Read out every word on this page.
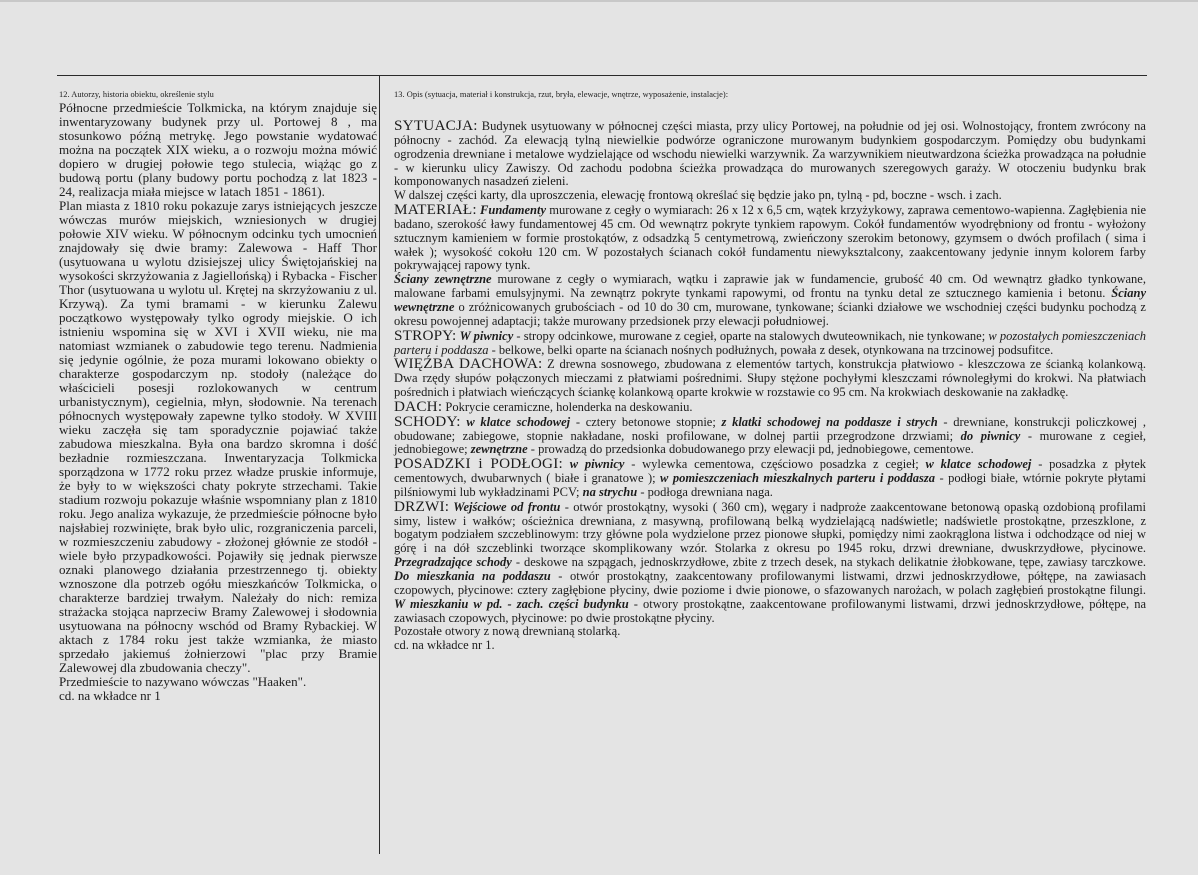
12. Autorzy, historia obiektu, określenie stylu

Północne przedmieście Tolkmicka, na którym znajduje się inwentaryzowany budynek przy ul. Portowej 8 , ma stosunkowo późną metrykę. Jego powstanie wydatować można na początek XIX wieku, a o rozwoju można mówić dopiero w drugiej połowie tego stulecia, wiążąc go z budową portu (plany budowy portu pochodzą z lat 1823 - 24, realizacja miała miejsce w latach 1851 - 1861).

Plan miasta z 1810 roku pokazuje zarys istniejących jeszcze wówczas murów miejskich, wzniesionych w drugiej połowie XIV wieku. W północnym odcinku tych umocnień znajdowały się dwie bramy: Zalewowa - Haff Thor (usytuowana u wylotu dzisiejszej ulicy Świętojańskiej na wysokości skrzyżowania z Jagiellońską) i Rybacka - Fischer Thor (usytuowana u wylotu ul. Krętej na skrzyżowaniu z ul. Krzywą). Za tymi bramami - w kierunku Zalewu początkowo występowały tylko ogrody miejskie. O ich istnieniu wspomina się w XVI i XVII wieku, nie ma natomiast wzmianek o zabudowie tego terenu. Nadmienia się jedynie ogólnie, że poza murami lokowano obiekty o charakterze gospodarczym np. stodoły (należące do właścicieli posesji rozlokowanych w centrum urbanistycznym), cegielnia, młyn, słodownie. Na terenach północnych występowały zapewne tylko stodoły. W XVIII wieku zaczęła się tam sporadycznie pojawiać także zabudowa mieszkalna. Była ona bardzo skromna i dość bezładnie rozmieszczana. Inwentaryzacja Tolkmicka sporządzona w 1772 roku przez władze pruskie informuje, że były to w większości chaty pokryte strzechami. Takie stadium rozwoju pokazuje właśnie wspomniany plan z 1810 roku. Jego analiza wykazuje, że przedmieście północne było najsłabiej rozwinięte, brak było ulic, rozgraniczenia parceli, w rozmieszczeniu zabudowy - złożonej głównie ze stodół - wiele było przypadkowości. Pojawiły się jednak pierwsze oznaki planowego działania przestrzennego tj. obiekty wznoszone dla potrzeb ogółu mieszkańców Tolkmicka, o charakterze bardziej trwałym. Należały do nich: remiza strażacka stojąca naprzeciw Bramy Zalewowej i słodownia usytuowana na północny wschód od Bramy Rybackiej. W aktach z 1784 roku jest także wzmianka, że miasto sprzedało jakiemuś żołnierzowi "plac przy Bramie Zalewowej dla zbudowania checzy".

Przedmieście to nazywano wówczas "Haaken".

cd. na wkładce nr 1

13. Opis (sytuacja, materiał i konstrukcja, rzut, bryła, elewacje, wnętrze, wyposażenie, instalacje):

SYTUACJA: Budynek usytuowany w północnej części miasta, przy ulicy Portowej, na południe od jej osi. Wolnostojący, frontem zwrócony na północny - zachód. Za elewacją tylną niewielkie podwórze ograniczone murowanym budynkiem gospodarczym. Pomiędzy obu budynkami ogrodzenia drewniane i metalowe wydzielające od wschodu niewielki warzywnik. Za warzywnikiem nieutwardzona ścieżka prowadząca na południe - w kierunku ulicy Zawiszy. Od zachodu podobna ścieżka prowadząca do murowanych szeregowych garaży. W otoczeniu budynku brak komponowanych nasadzeń zieleni.

W dalszej części karty, dla uproszczenia, elewację frontową określać się będzie jako pn, tylną - pd, boczne - wsch. i zach.

MATERIAŁ: Fundamenty murowane z cegły o wymiarach: 26 x 12 x 6,5 cm, wątek krzyżykowy, zaprawa cementowo-wapienna. Zagłębienia nie badano, szerokość ławy fundamentowej 45 cm. Od wewnątrz pokryte tynkiem rapowym. Cokół fundamentów wyodrębniony od frontu - wyłożony sztucznym kamieniem w formie prostokątów, z odsadzką 5 centymetrową, zwieńczony szerokim betonowy, gzymsem o dwóch profilach ( sima i wałek ); wysokość cokołu 120 cm. W pozostałych ścianach cokół fundamentu niewyksztalcony, zaakcentowany jedynie innym kolorem farby pokrywającej rapowy tynk.
Ściany zewnętrzne murowane z cegły o wymiarach, wątku i zaprawie jak w fundamencie, grubość 40 cm. Od wewnątrz gładko tynkowane, malowane farbami emulsyjnymi. Na zewnątrz pokryte tynkami rapowymi, od frontu na tynku detal ze sztucznego kamienia i betonu. Ściany wewnętrzne o zróżnicowanych grubościach - od 10 do 30 cm, murowane, tynkowane; ścianki działowe we wschodniej części budynku pochodzą z okresu powojennej adaptacji; także murowany przedsionek przy elewacji południowej.

STROPY: W piwnicy - stropy odcinkowe, murowane z cegieł, oparte na stalowych dwuteownikach, nie tynkowane; w pozostałych pomieszczeniach parteru i poddasza - belkowe, belki oparte na ścianach nośnych podłużnych, powała z desek, otynkowana na trzcinowej podsufitce.

WIĘŹBA DACHOWA: Z drewna sosnowego, zbudowana z elementów tartych, konstrukcja płatwiowo - kleszczowa ze ścianką kolankową. Dwa rzędy słupów połączonych mieczami z płatwiami pośrednimi. Słupy stężone pochyłymi kleszczami równoległymi do krokwi. Na płatwiach pośrednich i płatwiach wieńczących ściankę kolankową oparte krokwie w rozstawie co 95 cm. Na krokwiach deskowanie na zakładkę.

DACH: Pokrycie ceramiczne, holenderka na deskowaniu.

SCHODY: w klatce schodowej - cztery betonowe stopnie; z klatki schodowej na poddasze i strych - drewniane, konstrukcji policzkowej , obudowane; zabiegowe, stopnie nakładane, noski profilowane, w dolnej partii przegrodzone drzwiami; do piwnicy - murowane z cegieł, jednobiegowe; zewnętrzne - prowadzą do przedsionka dobudowanego przy elewacji pd, jednobiegowe, cementowe.

POSADZKI i PODŁOGI: w piwnicy - wylewka cementowa, częściowo posadzka z cegieł; w klatce schodowej - posadzka z płytek cementowych, dwubarwnych ( białe i granatowe ); w pomieszczeniach mieszkalnych parteru i poddasza - podłogi białe, wtórnie pokryte płytami pilśniowymi lub wykładzinami PCV; na strychu - podłoga drewniana naga.

DRZWI: Wejściowe od frontu - otwór prostokątny, wysoki ( 360 cm), węgary i nadproże zaakcentowane betonową opaską ozdobioną profilami simy, listew i wałków; ościeżnica drewniana, z masywną, profilowaną belką wydzielającą nadświetle; nadświetle prostokątne, przeszklone, z bogatym podziałem szczeblinowym: trzy główne pola wydzielone przez pionowe słupki, pomiędzy nimi zaokrąglona listwa i odchodzące od niej w górę i na dół szczeblinki tworzące skomplikowany wzór. Stolarka z okresu po 1945 roku, drzwi drewniane, dwuskrzydłowe, płycinowe. Przegradzające schody - deskowe na szpągach, jednoskrzydłowe, zbite z trzech desek, na stykach delikatnie żłobkowane, tępe, zawiasy tarczkowe. Do mieszkania na poddaszu - otwór prostokątny, zaakcentowany profilowanymi listwami, drzwi jednoskrzydłowe, półtępe, na zawiasach czopowych, płycinowe: cztery zagłębione płyciny, dwie poziome i dwie pionowe, o sfazowanych narożach, w polach zagłębień prostokątne filungi. W mieszkaniu w pd. - zach. części budynku - otwory prostokątne, zaakcentowane profilowanymi listwami, drzwi jednoskrzydłowe, półtępe, na zawiasach czopowych, płycinowe: po dwie prostokątne płyciny.

Pozostałe otwory z nową drewnianą stolarką.

cd. na wkładce nr 1.
